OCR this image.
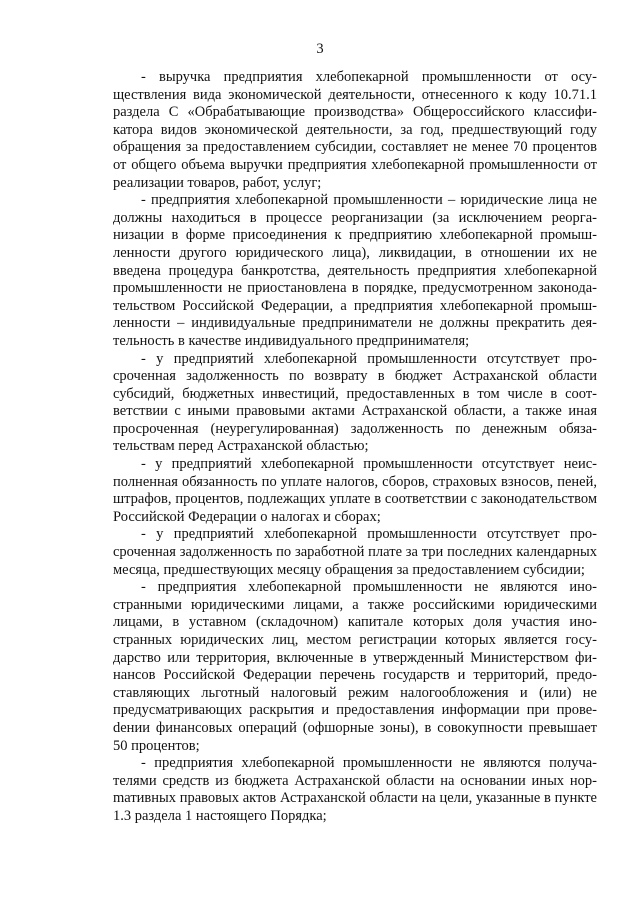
3

- выручка предприятия хлебопекарной промышленности от осуществления вида экономической деятельности, отнесенного к коду 10.71.1 раздела С «Обрабатывающие производства» Общероссийского классификатора видов экономической деятельности, за год, предшествующий году обращения за предоставлением субсидии, составляет не менее 70 процентов от общего объема выручки предприятия хлебопекарной промышленности от реализации товаров, работ, услуг;

- предприятия хлебопекарной промышленности – юридические лица не должны находиться в процессе реорганизации (за исключением реорганизации в форме присоединения к предприятию хлебопекарной промышленности другого юридического лица), ликвидации, в отношении их не введена процедура банкротства, деятельность предприятия хлебопекарной промышленности не приостановлена в порядке, предусмотренном законодательством Российской Федерации, а предприятия хлебопекарной промышленности – индивидуальные предприниматели не должны прекратить деятельность в качестве индивидуального предпринимателя;

- у предприятий хлебопекарной промышленности отсутствует просроченная задолженность по возврату в бюджет Астраханской области субсидий, бюджетных инвестиций, предоставленных в том числе в соответствии с иными правовыми актами Астраханской области, а также иная просроченная (неурегулированная) задолженность по денежным обязательствам перед Астраханской областью;

- у предприятий хлебопекарной промышленности отсутствует неисполненная обязанность по уплате налогов, сборов, страховых взносов, пеней, штрафов, процентов, подлежащих уплате в соответствии с законодательством Российской Федерации о налогах и сборах;

- у предприятий хлебопекарной промышленности отсутствует просроченная задолженность по заработной плате за три последних календарных месяца, предшествующих месяцу обращения за предоставлением субсидии;

- предприятия хлебопекарной промышленности не являются иностранными юридическими лицами, а также российскими юридическими лицами, в уставном (складочном) капитале которых доля участия иностранных юридических лиц, местом регистрации которых является государство или территория, включенные в утвержденный Министерством финансов Российской Федерации перечень государств и территорий, предоставляющих льготный налоговый режим налогообложения и (или) не предусматривающих раскрытия и предоставления информации при провеdении финансовых операций (офшорные зоны), в совокупности превышает 50 процентов;

- предприятия хлебопекарной промышленности не являются получателями средств из бюджета Астраханской области на основании иных норmативных правовых актов Астраханской области на цели, указанные в пункте 1.3 раздела 1 настоящего Порядка;
